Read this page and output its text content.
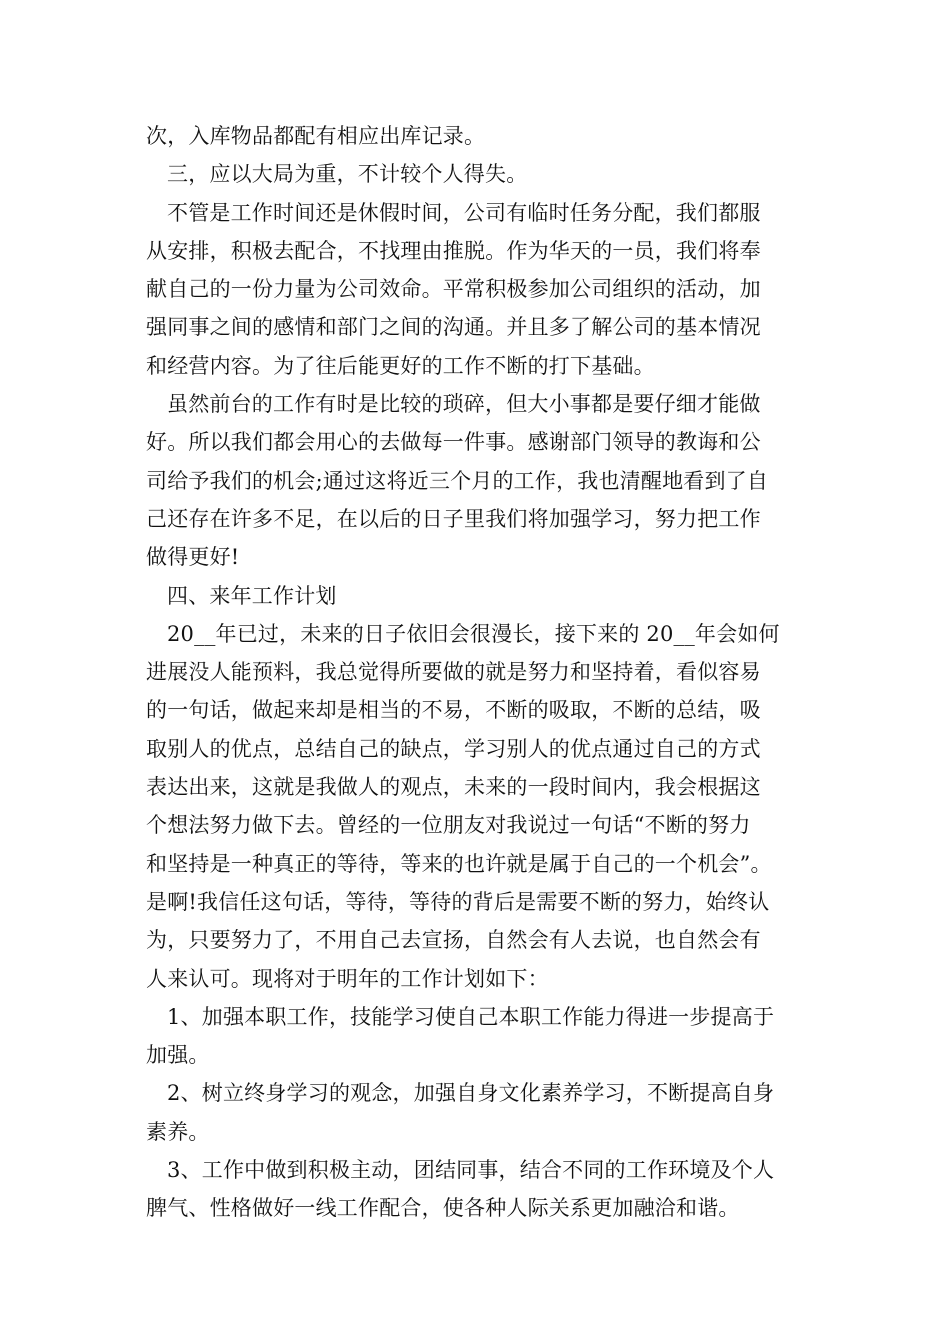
次，入库物品都配有相应出库记录。
三，应以大局为重，不计较个人得失。
不管是工作时间还是休假时间，公司有临时任务分配，我们都服
从安排，积极去配合，不找理由推脱。作为华天的一员，我们将奉
献自己的一份力量为公司效命。平常积极参加公司组织的活动，加
强同事之间的感情和部门之间的沟通。并且多了解公司的基本情况
和经营内容。为了往后能更好的工作不断的打下基础。
虽然前台的工作有时是比较的琐碎，但大小事都是要仔细才能做
好。所以我们都会用心的去做每一件事。感谢部门领导的教诲和公
司给予我们的机会;通过这将近三个月的工作，我也清醒地看到了自
己还存在许多不足，在以后的日子里我们将加强学习，努力把工作
做得更好!
四、来年工作计划
20__年已过，未来的日子依旧会很漫长，接下来的 20__年会如何
进展没人能预料，我总觉得所要做的就是努力和坚持着，看似容易
的一句话，做起来却是相当的不易，不断的吸取，不断的总结，吸
取别人的优点，总结自己的缺点，学习别人的优点通过自己的方式
表达出来，这就是我做人的观点，未来的一段时间内，我会根据这
个想法努力做下去。曾经的一位朋友对我说过一句话“不断的努力
和坚持是一种真正的等待，等来的也许就是属于自己的一个机会”。
是啊!我信任这句话，等待，等待的背后是需要不断的努力，始终认
为，只要努力了，不用自己去宣扬，自然会有人去说，也自然会有
人来认可。现将对于明年的工作计划如下：
1、加强本职工作，技能学习使自己本职工作能力得进一步提高于
加强。
2、树立终身学习的观念，加强自身文化素养学习，不断提高自身
素养。
3、工作中做到积极主动，团结同事，结合不同的工作环境及个人
脾气、性格做好一线工作配合，使各种人际关系更加融洽和谐。
